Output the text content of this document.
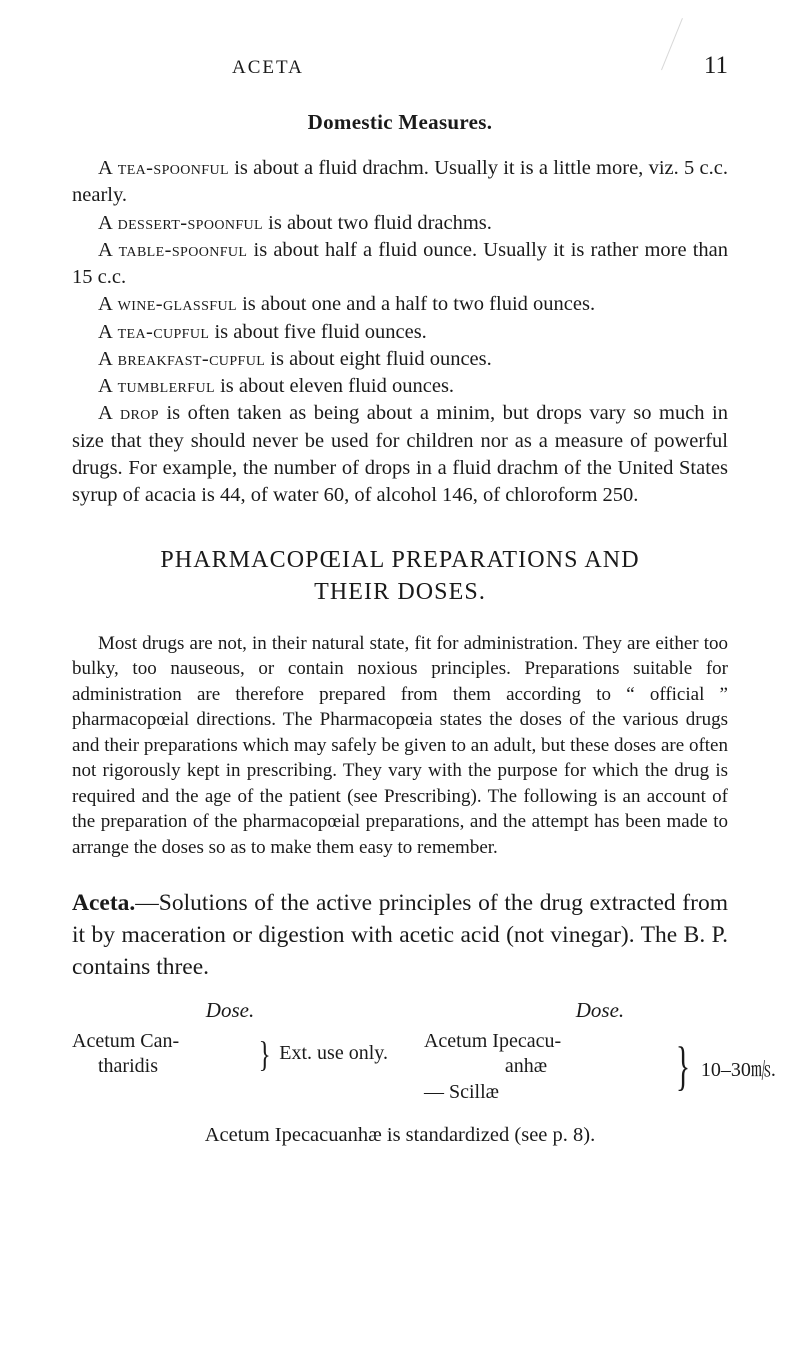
ACETA	11
Domestic Measures.

A tea-spoonful is about a fluid drachm. Usually it is a little more, viz. 5 c.c. nearly.

A dessert-spoonful is about two fluid drachms.

A table-spoonful is about half a fluid ounce. Usually it is rather more than 15 c.c.

A wine-glassful is about one and a half to two fluid ounces.

A tea-cupful is about five fluid ounces.

A breakfast-cupful is about eight fluid ounces.

A tumblerful is about eleven fluid ounces.

A drop is often taken as being about a minim, but drops vary so much in size that they should never be used for children nor as a measure of powerful drugs. For example, the number of drops in a fluid drachm of the United States syrup of acacia is 44, of water 60, of alcohol 146, of chloroform 250.

PHARMACOPŒIAL PREPARATIONS AND
THEIR DOSES.

Most drugs are not, in their natural state, fit for administration. They are either too bulky, too nauseous, or contain noxious principles. Preparations suitable for administration are therefore prepared from them according to “ official ” pharmacopœial directions. The Pharmacopœia states the doses of the various drugs and their preparations which may safely be given to an adult, but these doses are often not rigorously kept in prescribing. They vary with the purpose for which the drug is required and the age of the patient (see Prescribing). The following is an account of the preparation of the pharmacopœial preparations, and the attempt has been made to arrange the doses so as to make them easy to remember.

Aceta.—Solutions of the active principles of the drug extracted from it by maceration or digestion with acetic acid (not vinegar). The B. P. contains three.

Dose.
Acetum Can-
tharidis	} Ext. use only.
Dose.
Acetum Ipecacu-
anhæ
— Scillæ	} 10–30㎧.
Acetum Ipecacuanhæ is standardized (see p. 8).
